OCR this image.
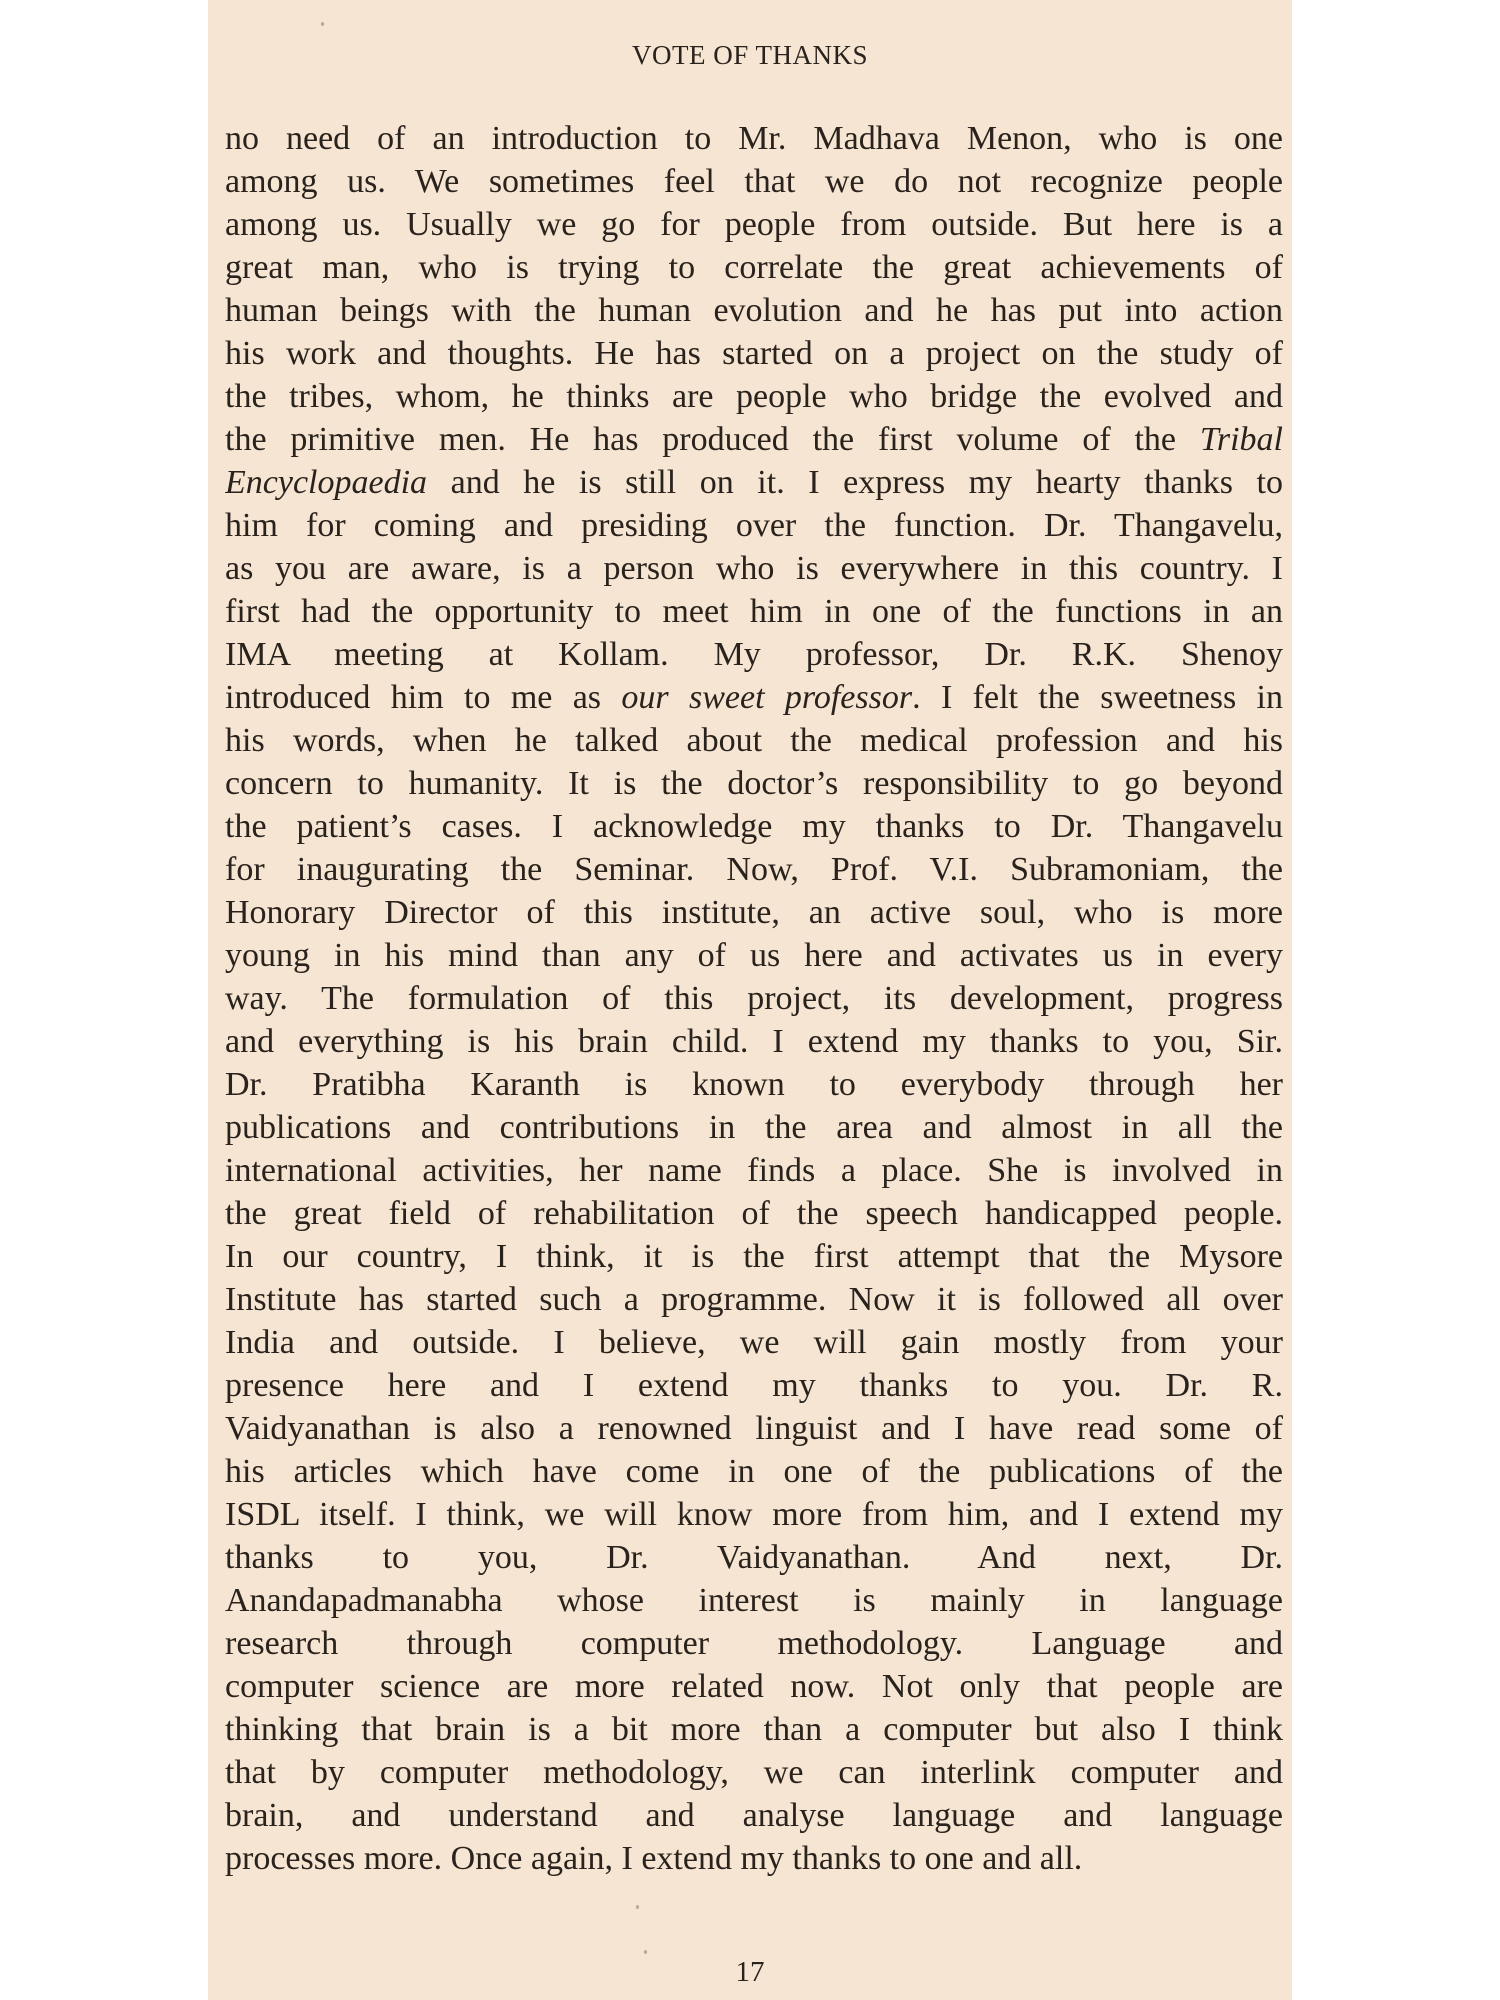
VOTE OF THANKS
no need of an introduction to Mr. Madhava Menon, who is one
among us. We sometimes feel that we do not recognize people
among us. Usually we go for people from outside. But here is a
great man, who is trying to correlate the great achievements of
human beings with the human evolution and he has put into action
his work and thoughts. He has started on a project on the study of
the tribes, whom, he thinks are people who bridge the evolved and
the primitive men. He has produced the first volume of the Tribal
Encyclopaedia and he is still on it. I express my hearty thanks to
him for coming and presiding over the function. Dr. Thangavelu,
as you are aware, is a person who is everywhere in this country. I
first had the opportunity to meet him in one of the functions in an
IMA meeting at Kollam. My professor, Dr. R.K. Shenoy
introduced him to me as our sweet professor. I felt the sweetness in
his words, when he talked about the medical profession and his
concern to humanity. It is the doctor’s responsibility to go beyond
the patient’s cases. I acknowledge my thanks to Dr. Thangavelu
for inaugurating the Seminar. Now, Prof. V.I. Subramoniam, the
Honorary Director of this institute, an active soul, who is more
young in his mind than any of us here and activates us in every
way. The formulation of this project, its development, progress
and everything is his brain child. I extend my thanks to you, Sir.
Dr. Pratibha Karanth is known to everybody through her
publications and contributions in the area and almost in all the
international activities, her name finds a place. She is involved in
the great field of rehabilitation of the speech handicapped people.
In our country, I think, it is the first attempt that the Mysore
Institute has started such a programme. Now it is followed all over
India and outside. I believe, we will gain mostly from your
presence here and I extend my thanks to you. Dr. R.
Vaidyanathan is also a renowned linguist and I have read some of
his articles which have come in one of the publications of the
ISDL itself. I think, we will know more from him, and I extend my
thanks to you, Dr. Vaidyanathan. And next, Dr.
Anandapadmanabha whose interest is mainly in language
research through computer methodology. Language and
computer science are more related now. Not only that people are
thinking that brain is a bit more than a computer but also I think
that by computer methodology, we can interlink computer and
brain, and understand and analyse language and language
processes more. Once again, I extend my thanks to one and all.
17
